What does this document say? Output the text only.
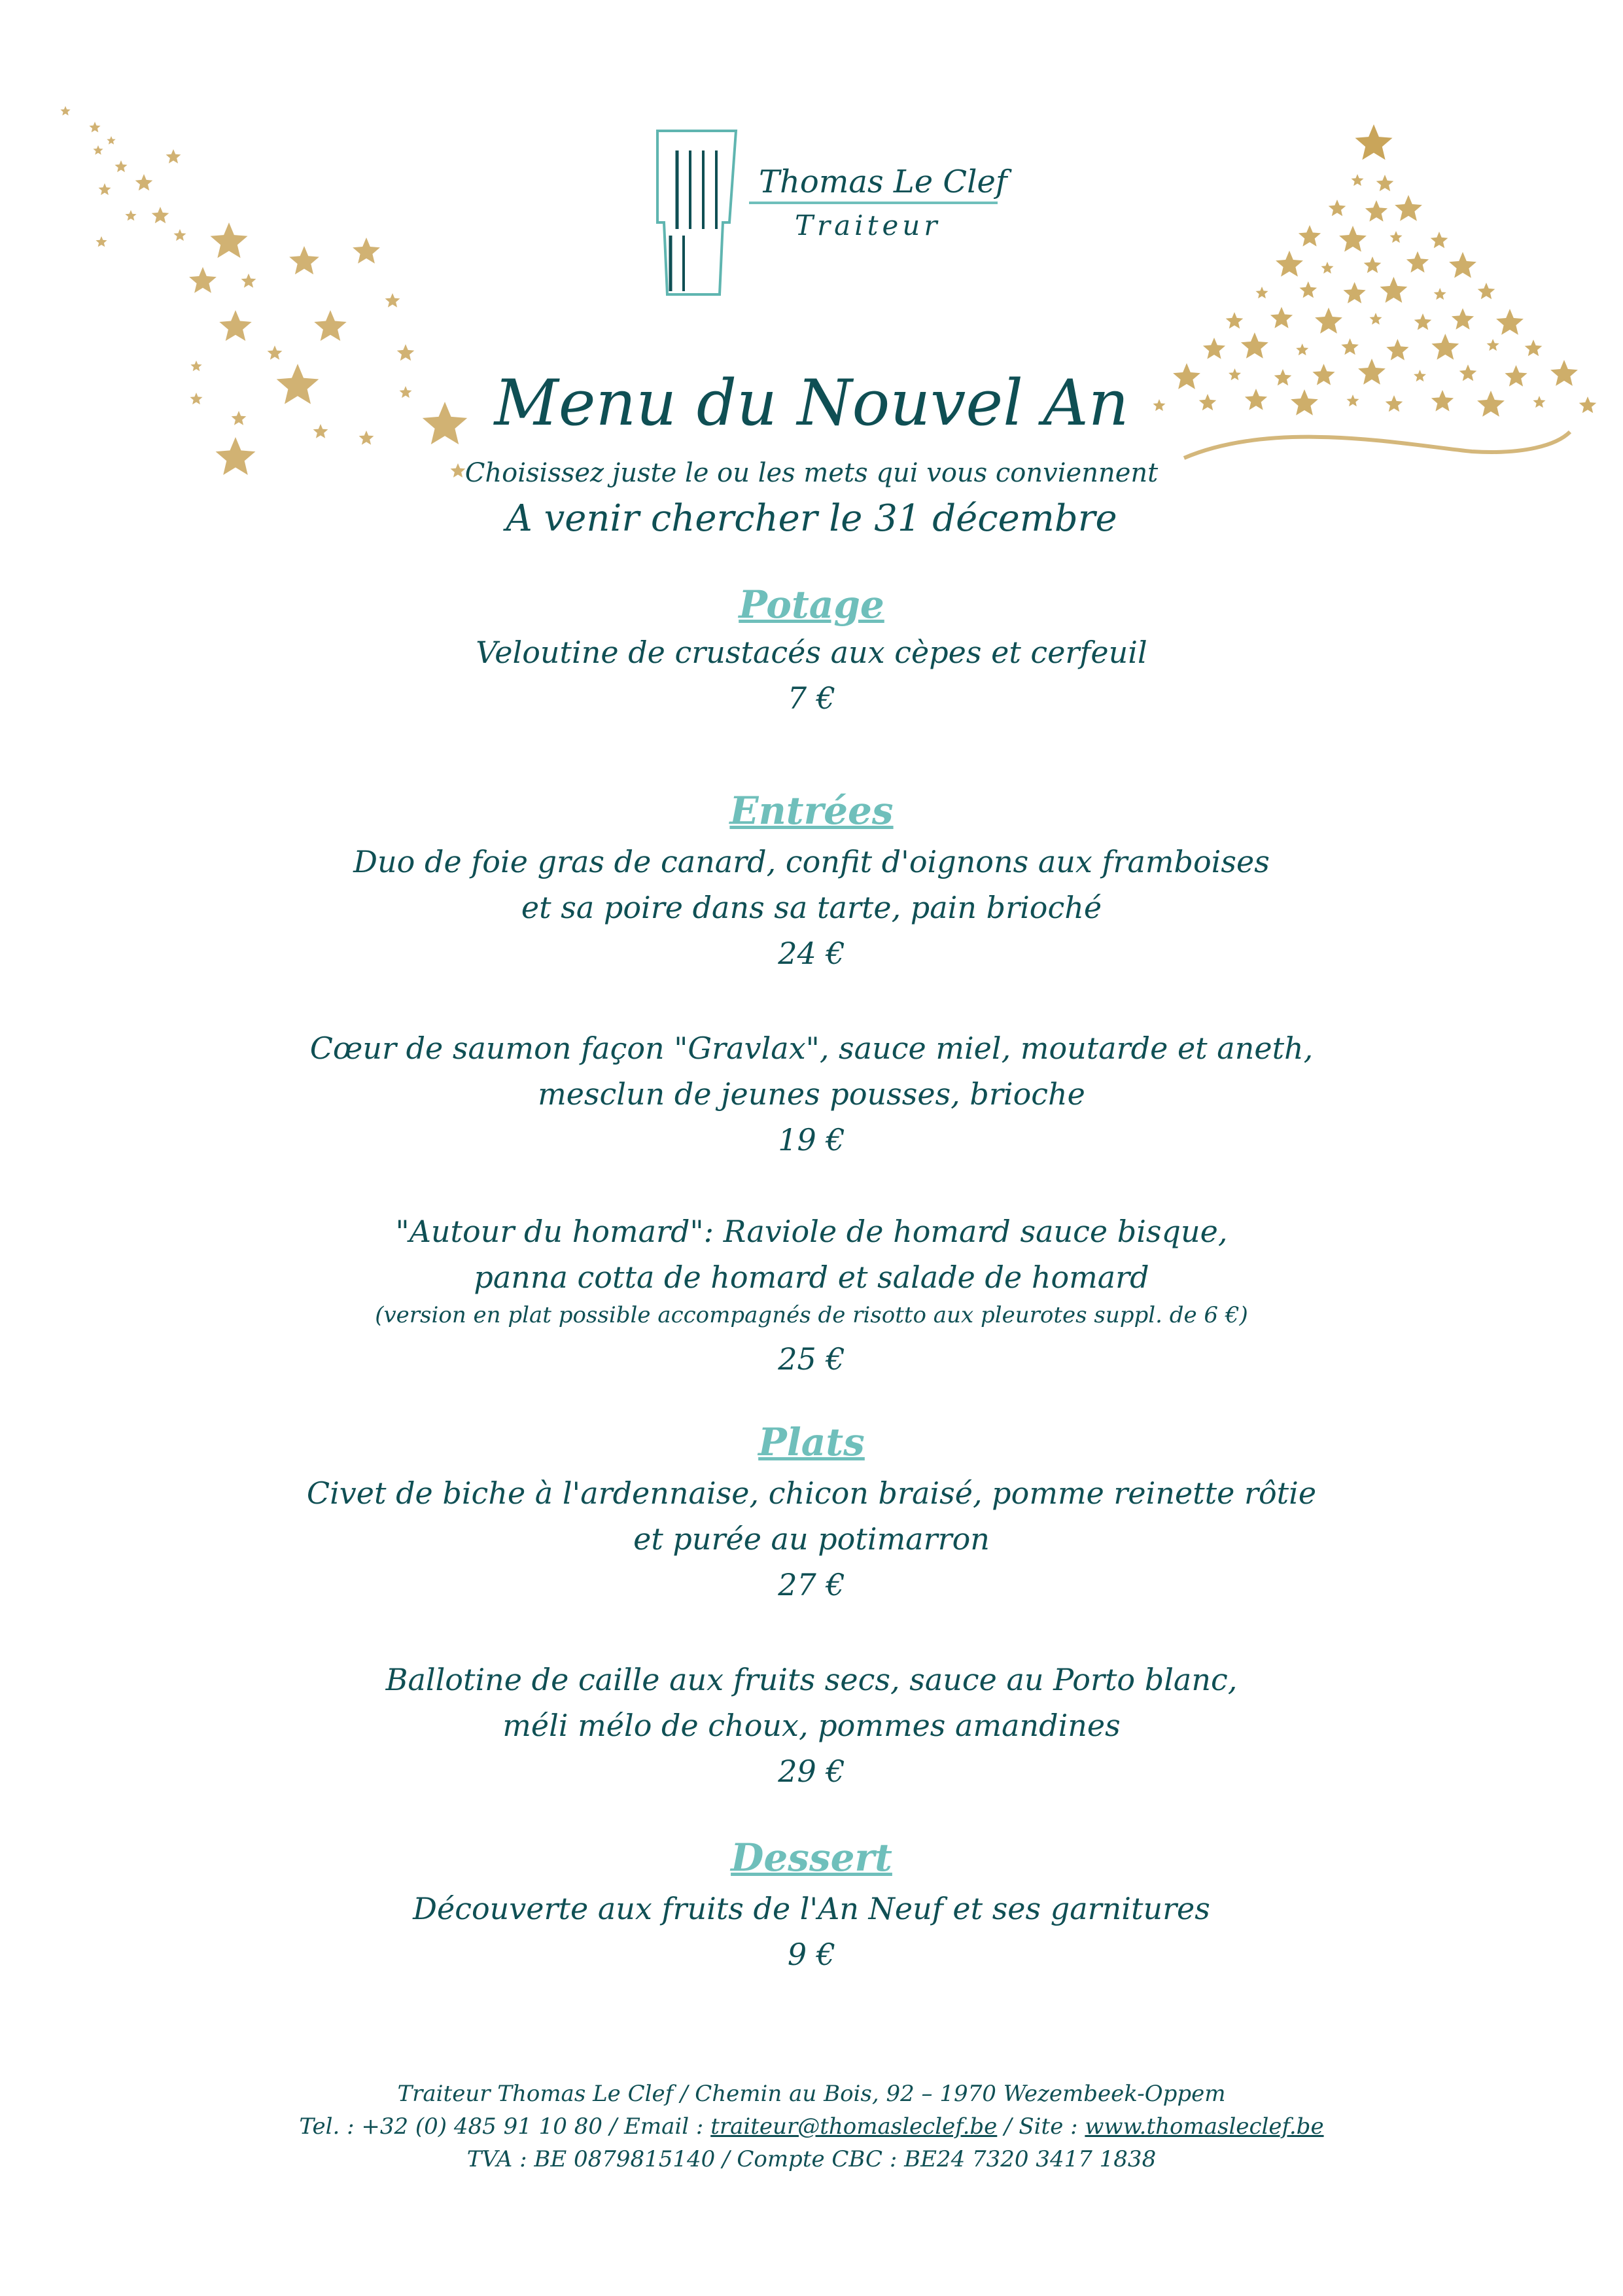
Thomas Le Clef
Traiteur
Menu du Nouvel An
Choisissez juste le ou les mets qui vous conviennent
A venir chercher le 31 décembre
Potage
Veloutine de crustacés aux cèpes et cerfeuil
7 €
Entrées
Duo de foie gras de canard, confit d'oignons aux framboises
et sa poire dans sa tarte, pain brioché
24 €
Cœur de saumon façon "Gravlax", sauce miel, moutarde et aneth,
mesclun de jeunes pousses, brioche
19 €
"Autour du homard": Raviole de homard sauce bisque,
panna cotta de homard et salade de homard
(version en plat possible accompagnés de risotto aux pleurotes suppl. de 6 €)
25 €
Plats
Civet de biche à l'ardennaise, chicon braisé, pomme reinette rôtie
et purée au potimarron
27 €
Ballotine de caille aux fruits secs, sauce au Porto blanc,
méli mélo de choux, pommes amandines
29 €
Dessert
Découverte aux fruits de l'An Neuf et ses garnitures
9 €
Traiteur Thomas Le Clef / Chemin au Bois, 92 – 1970 Wezembeek-Oppem
Tel. : +32 (0) 485 91 10 80 / Email : traiteur@thomasleclef.be / Site : www.thomasleclef.be
TVA : BE 0879815140 / Compte CBC : BE24 7320 3417 1838
